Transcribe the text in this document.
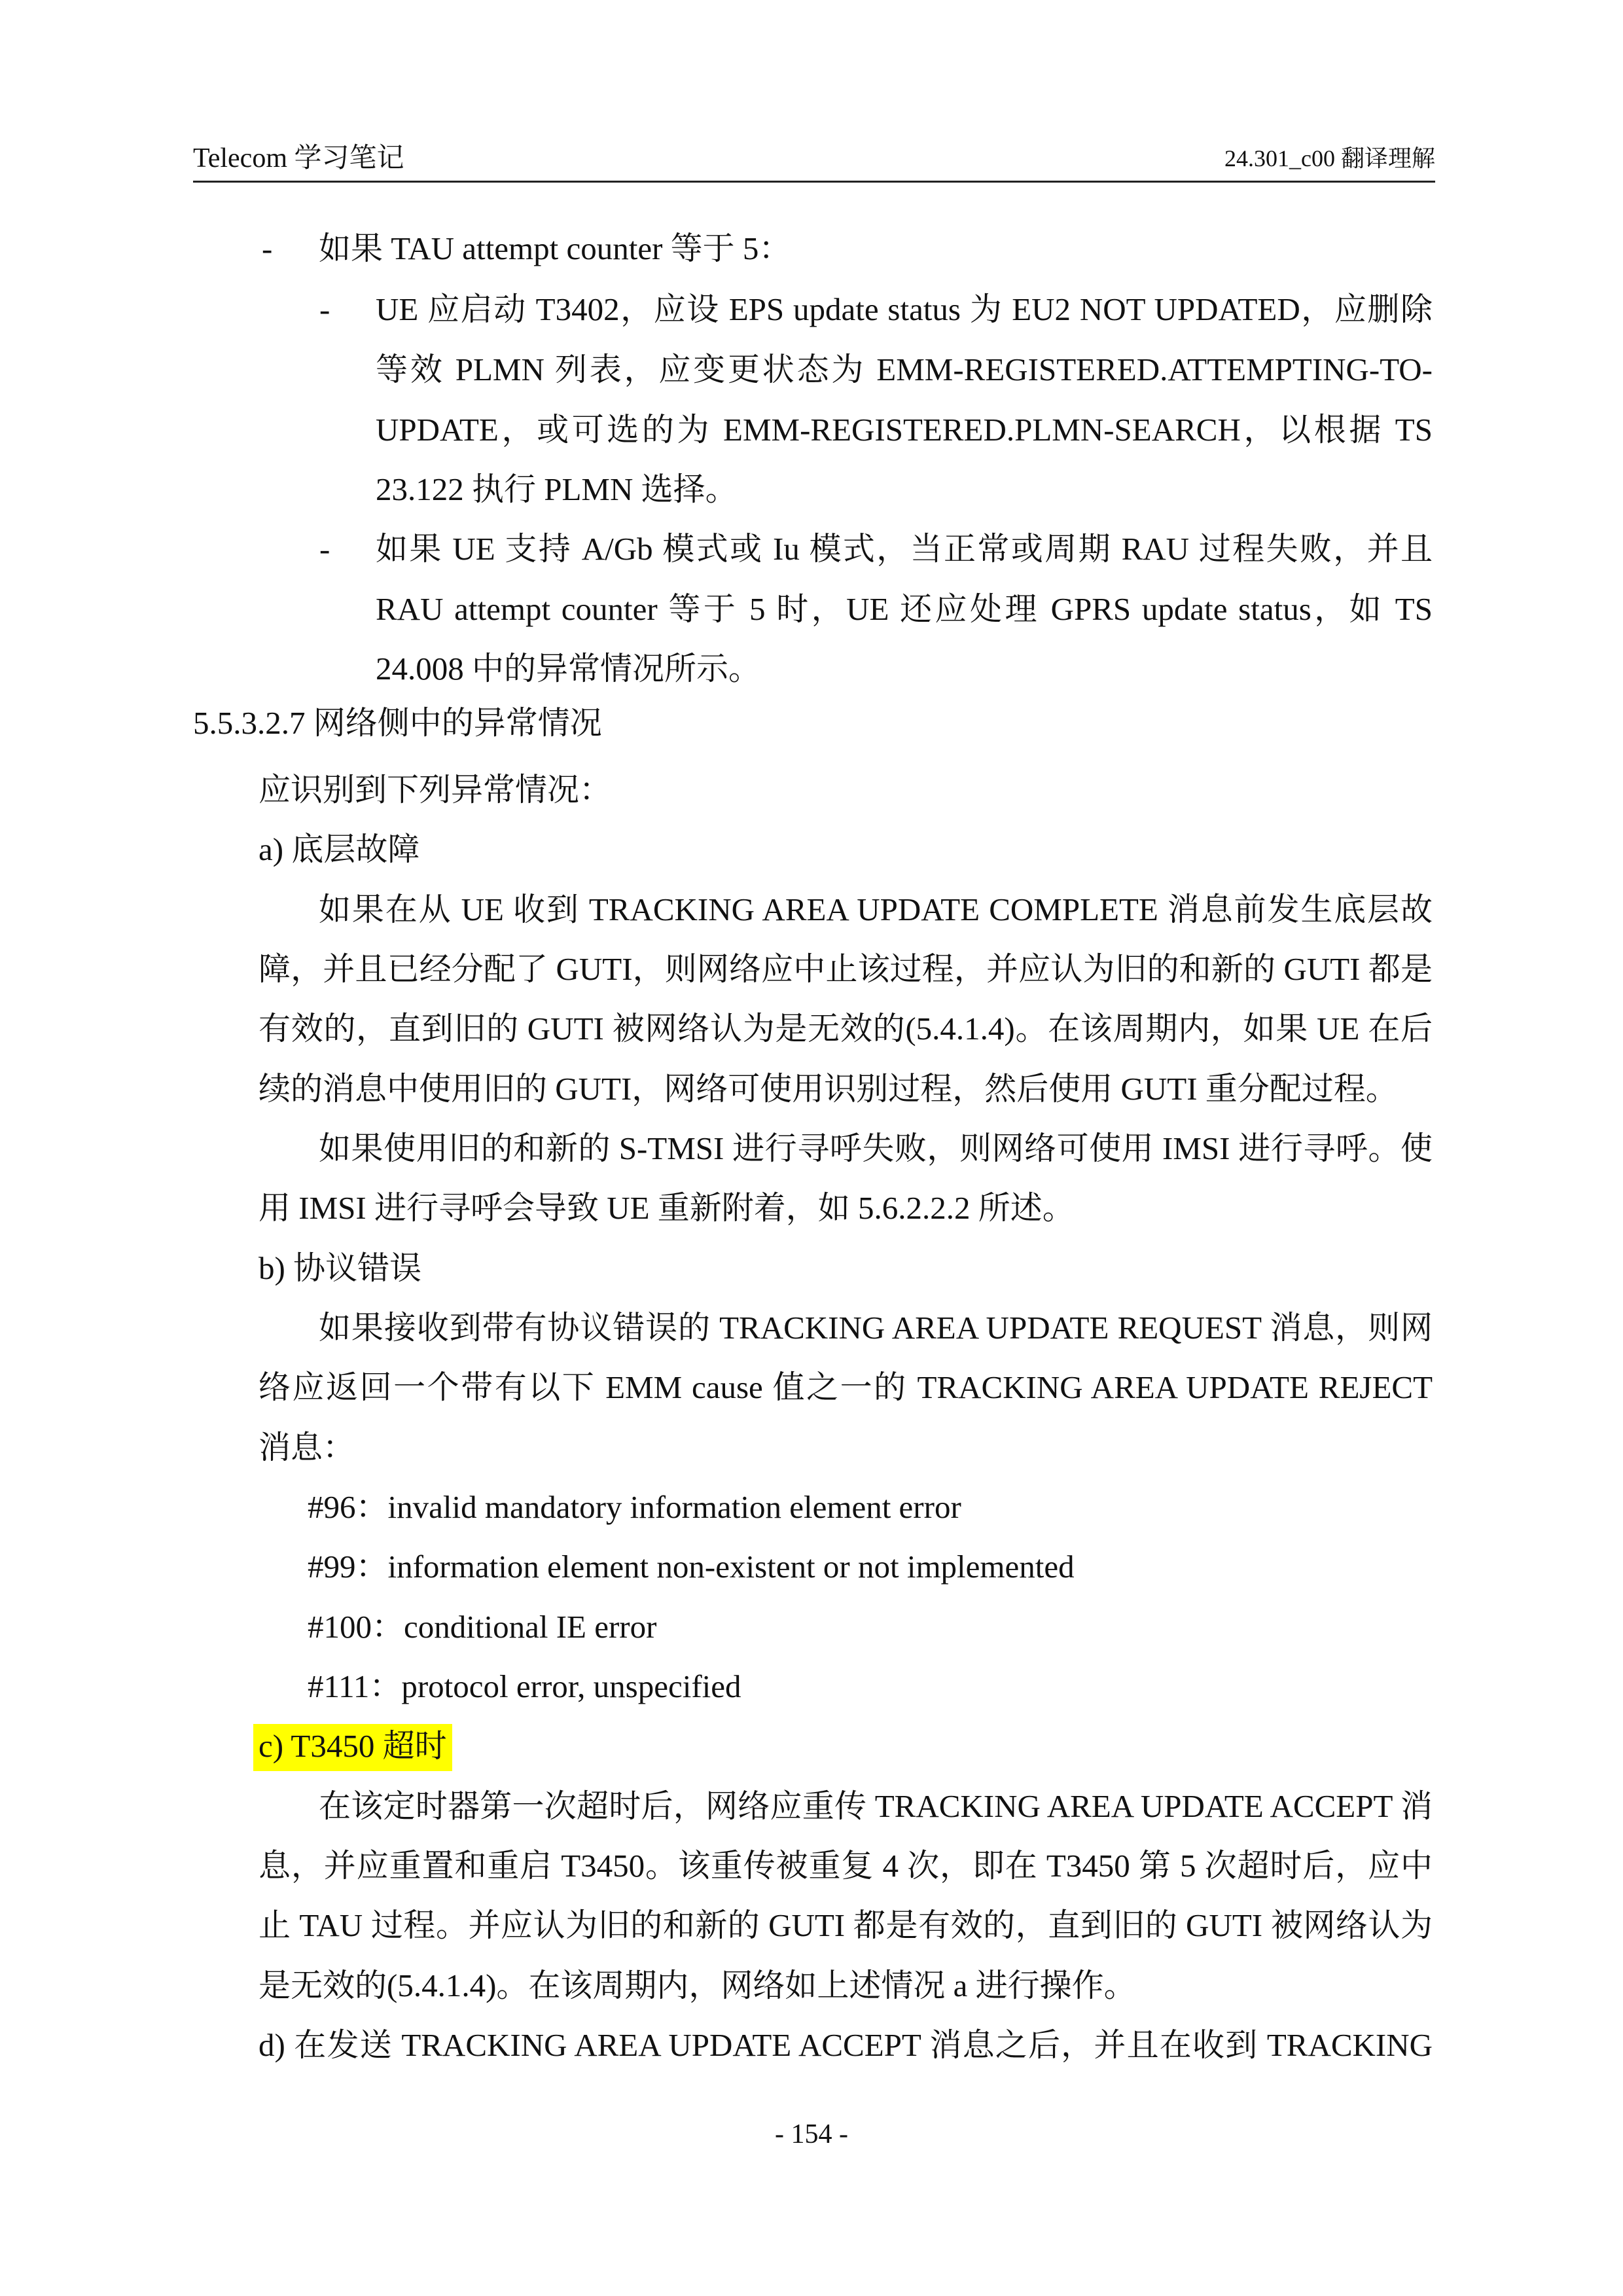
Telecom 学习笔记	24.301_c00 翻译理解
- 如果 TAU attempt counter 等于 5：
- UE 应启动 T3402，应设 EPS update status 为 EU2 NOT UPDATED，应删除
等效 PLMN 列表，应变更状态为 EMM-REGISTERED.ATTEMPTING-TO-
UPDATE，或可选的为 EMM-REGISTERED.PLMN-SEARCH，以根据 TS
23.122 执行 PLMN 选择。
- 如果 UE 支持 A/Gb 模式或 Iu 模式，当正常或周期 RAU 过程失败，并且
RAU attempt counter 等于 5 时，UE 还应处理 GPRS update status，如 TS
24.008 中的异常情况所示。
5.5.3.2.7 网络侧中的异常情况
应识别到下列异常情况：
a) 底层故障
如果在从 UE 收到 TRACKING AREA UPDATE COMPLETE 消息前发生底层故
障，并且已经分配了 GUTI，则网络应中止该过程，并应认为旧的和新的 GUTI 都是
有效的，直到旧的 GUTI 被网络认为是无效的(5.4.1.4)。在该周期内，如果 UE 在后
续的消息中使用旧的 GUTI，网络可使用识别过程，然后使用 GUTI 重分配过程。
如果使用旧的和新的 S-TMSI 进行寻呼失败，则网络可使用 IMSI 进行寻呼。使
用 IMSI 进行寻呼会导致 UE 重新附着，如 5.6.2.2.2 所述。
b) 协议错误
如果接收到带有协议错误的 TRACKING AREA UPDATE REQUEST 消息，则网
络应返回一个带有以下 EMM cause 值之一的 TRACKING AREA UPDATE REJECT
消息：
#96：invalid mandatory information element error
#99：information element non-existent or not implemented
#100：conditional IE error
#111：protocol error, unspecified
c) T3450 超时
在该定时器第一次超时后，网络应重传 TRACKING AREA UPDATE ACCEPT 消
息，并应重置和重启 T3450。该重传被重复 4 次，即在 T3450 第 5 次超时后，应中
止 TAU 过程。并应认为旧的和新的 GUTI 都是有效的，直到旧的 GUTI 被网络认为
是无效的(5.4.1.4)。在该周期内，网络如上述情况 a 进行操作。
d) 在发送 TRACKING AREA UPDATE ACCEPT 消息之后，并且在收到 TRACKING
- 154 -
